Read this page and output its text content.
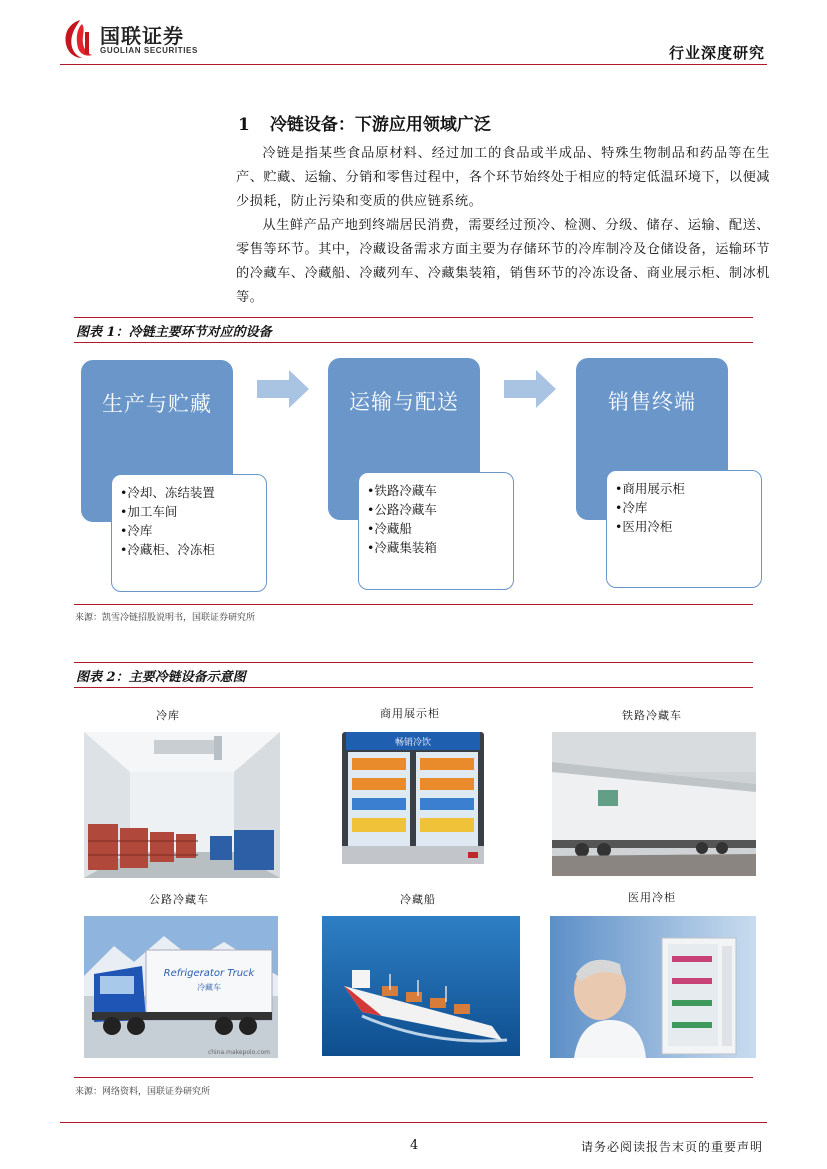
国联证券
GUOLIAN SECURITIES	行业深度研究
1 冷链设备：下游应用领域广泛

冷链是指某些食品原材料、经过加工的食品或半成品、特殊生物制品和药品等在生产、贮藏、运输、分销和零售过程中，各个环节始终处于相应的特定低温环境下，以便减少损耗，防止污染和变质的供应链系统。

从生鲜产品产地到终端居民消费，需要经过预冷、检测、分级、储存、运输、配送、零售等环节。其中，冷藏设备需求方面主要为存储环节的冷库制冷及仓储设备，运输环节的冷藏车、冷藏船、冷藏列车、冷藏集装箱，销售环节的冷冻设备、商业展示柜、制冰机等。

图表 1：冷链主要环节对应的设备
生产与贮藏
• 冷却、冻结装置
• 加工车间
• 冷库
• 冷藏柜、冷冻柜
运输与配送
• 铁路冷藏车
• 公路冷藏车
• 冷藏船
• 冷藏集装箱
销售终端
• 商用展示柜
• 冷库
• 医用冷柜
来源：凯雪冷链招股说明书，国联证券研究所
图表 2：主要冷链设备示意图
冷库	商用展示柜	铁路冷藏车
畅销冷饮
公路冷藏车	冷藏船	医用冷柜
Refrigerator Truck
冷藏车
china.makepolo.com
来源：网络资料，国联证券研究所
4	请务必阅读报告末页的重要声明
